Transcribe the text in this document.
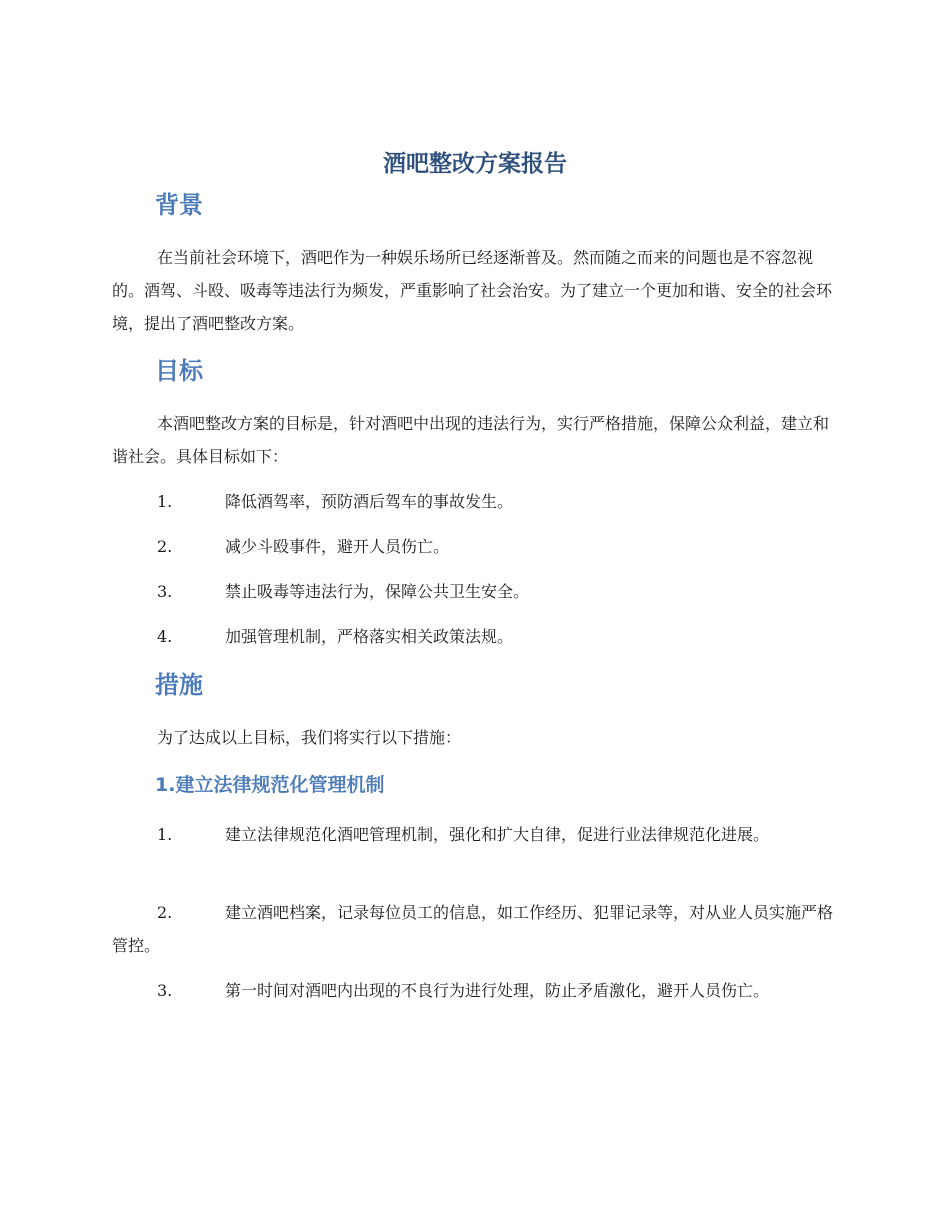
酒吧整改方案报告
背景

在当前社会环境下，酒吧作为一种娱乐场所已经逐渐普及。然而随之而来的问题也是不容忽视的。酒驾、斗殴、吸毒等违法行为频发，严重影响了社会治安。为了建立一个更加和谐、安全的社会环境，提出了酒吧整改方案。

目标

本酒吧整改方案的目标是，针对酒吧中出现的违法行为，实行严格措施，保障公众利益，建立和谐社会。具体目标如下：

1.	降低酒驾率，预防酒后驾车的事故发生。
2.	减少斗殴事件，避开人员伤亡。
3.	禁止吸毒等违法行为，保障公共卫生安全。
4.	加强管理机制，严格落实相关政策法规。
措施

为了达成以上目标，我们将实行以下措施：

1.建立法律规范化管理机制
1.	建立法律规范化酒吧管理机制，强化和扩大自律，促进行业法律规范化进展。
2.	建立酒吧档案，记录每位员工的信息，如工作经历、犯罪记录等，对从业人员实施严格管控。
3.	第一时间对酒吧内出现的不良行为进行处理，防止矛盾激化，避开人员伤亡。
